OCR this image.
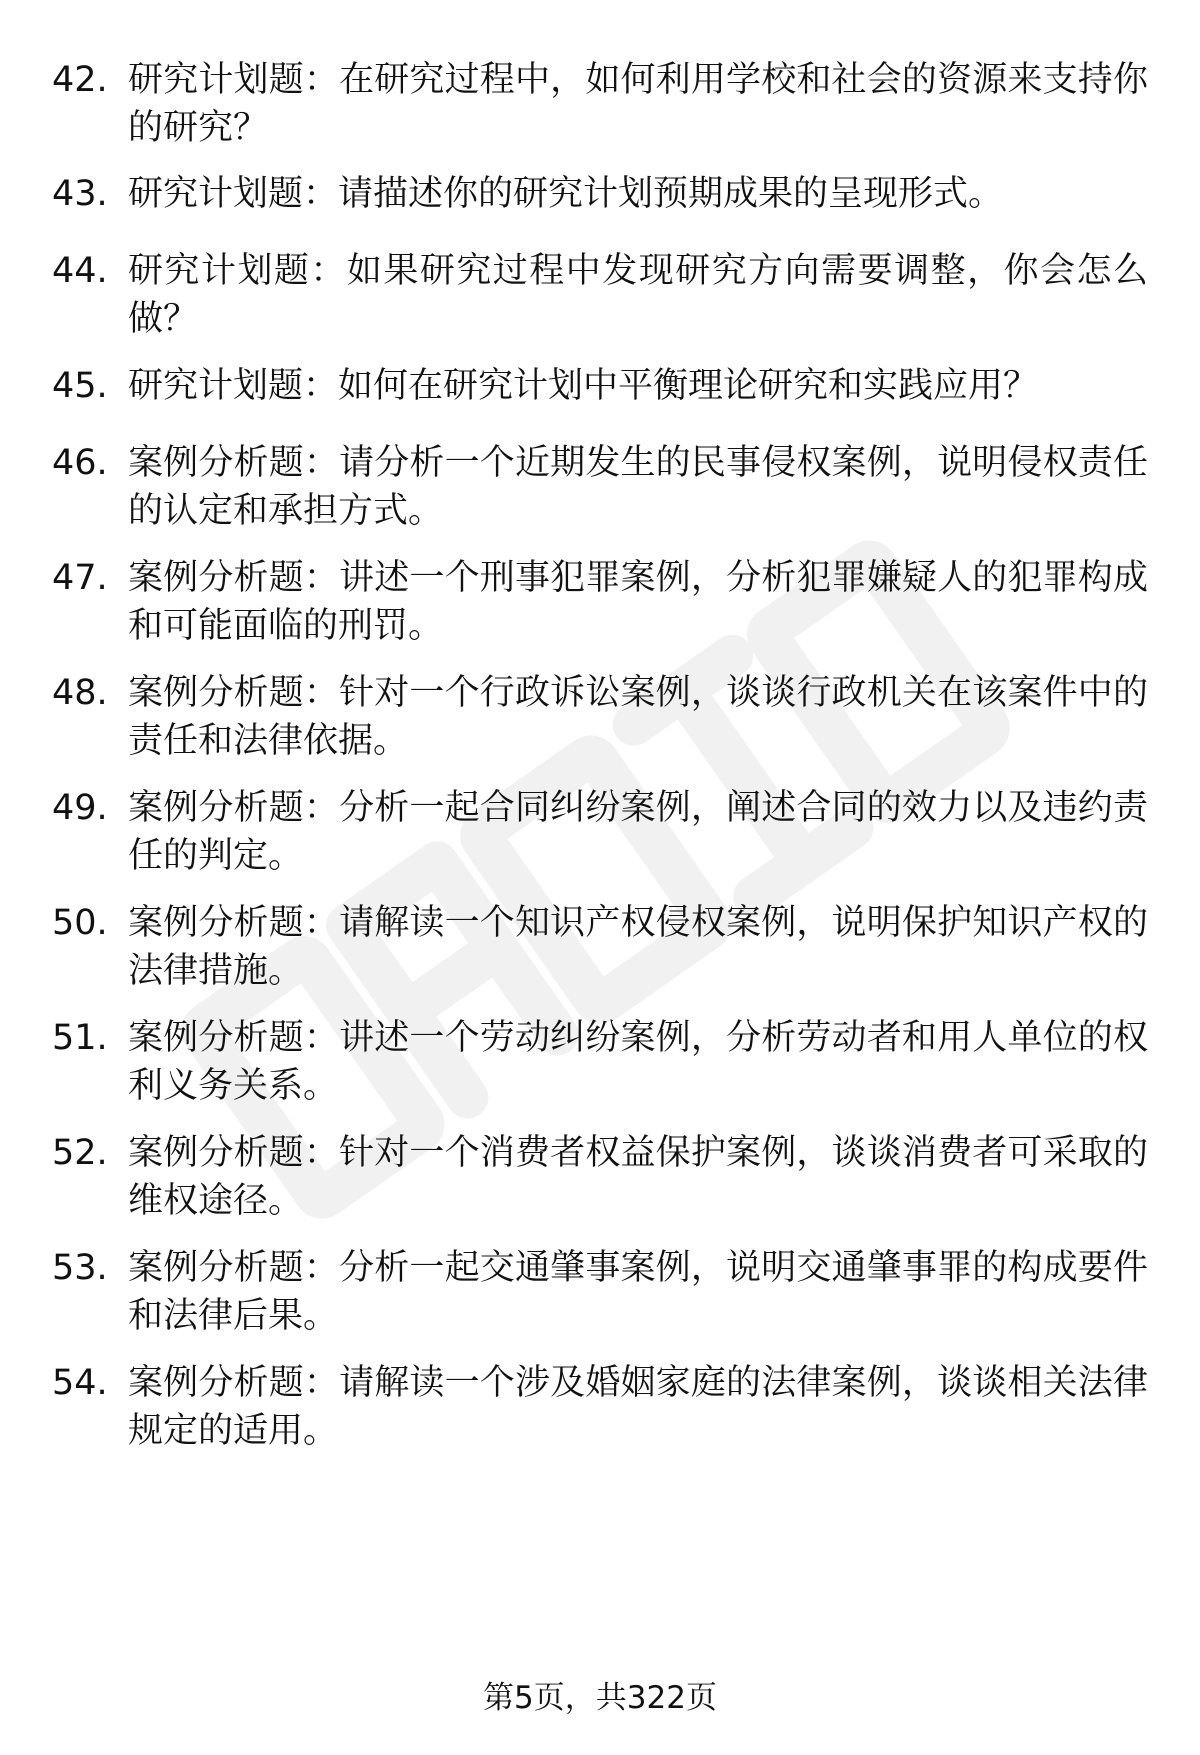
42. 研究计划题：在研究过程中，如何利用学校和社会的资源来支持你的研究？
43. 研究计划题：请描述你的研究计划预期成果的呈现形式。
44. 研究计划题：如果研究过程中发现研究方向需要调整，你会怎么做？
45. 研究计划题：如何在研究计划中平衡理论研究和实践应用？
46. 案例分析题：请分析一个近期发生的民事侵权案例，说明侵权责任的认定和承担方式。
47. 案例分析题：讲述一个刑事犯罪案例，分析犯罪嫌疑人的犯罪构成和可能面临的刑罚。
48. 案例分析题：针对一个行政诉讼案例，谈谈行政机关在该案件中的责任和法律依据。
49. 案例分析题：分析一起合同纠纷案例，阐述合同的效力以及违约责任的判定。
50. 案例分析题：请解读一个知识产权侵权案例，说明保护知识产权的法律措施。
51. 案例分析题：讲述一个劳动纠纷案例，分析劳动者和用人单位的权利义务关系。
52. 案例分析题：针对一个消费者权益保护案例，谈谈消费者可采取的维权途径。
53. 案例分析题：分析一起交通肇事案例，说明交通肇事罪的构成要件和法律后果。
54. 案例分析题：请解读一个涉及婚姻家庭的法律案例，谈谈相关法律规定的适用。
第5页，共322页
